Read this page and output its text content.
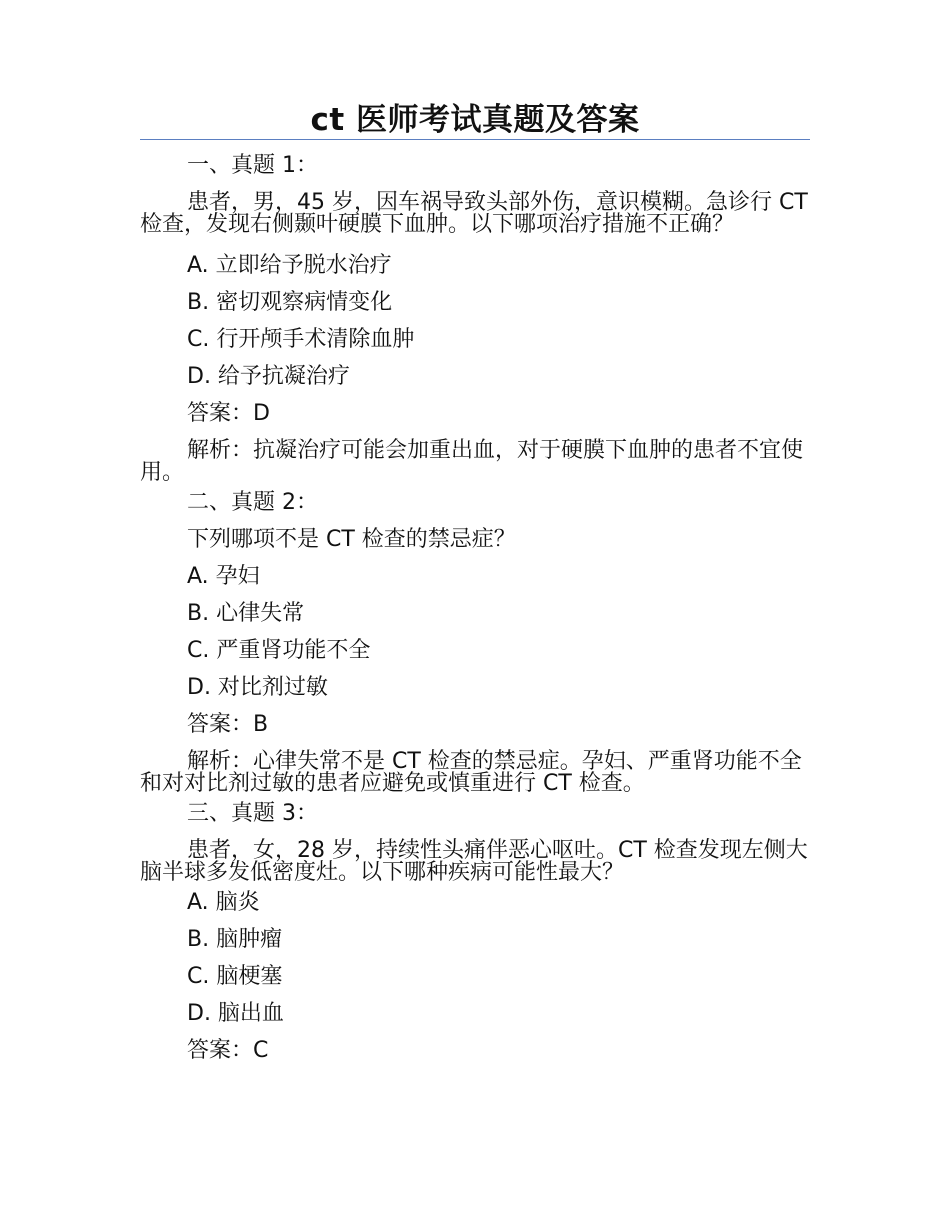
ct 医师考试真题及答案

一、真题 1：

患者，男，45 岁，因车祸导致头部外伤，意识模糊。急诊行 CT 检查，发现右侧颞叶硬膜下血肿。以下哪项治疗措施不正确？

A. 立即给予脱水治疗

B. 密切观察病情变化

C. 行开颅手术清除血肿

D. 给予抗凝治疗

答案：D

解析：抗凝治疗可能会加重出血，对于硬膜下血肿的患者不宜使用。

二、真题 2：

下列哪项不是 CT 检查的禁忌症？

A. 孕妇

B. 心律失常

C. 严重肾功能不全

D. 对比剂过敏

答案：B

解析：心律失常不是 CT 检查的禁忌症。孕妇、严重肾功能不全和对对比剂过敏的患者应避免或慎重进行 CT 检查。

三、真题 3：

患者，女，28 岁，持续性头痛伴恶心呕吐。CT 检查发现左侧大脑半球多发低密度灶。以下哪种疾病可能性最大？

A. 脑炎

B. 脑肿瘤

C. 脑梗塞

D. 脑出血

答案：C
